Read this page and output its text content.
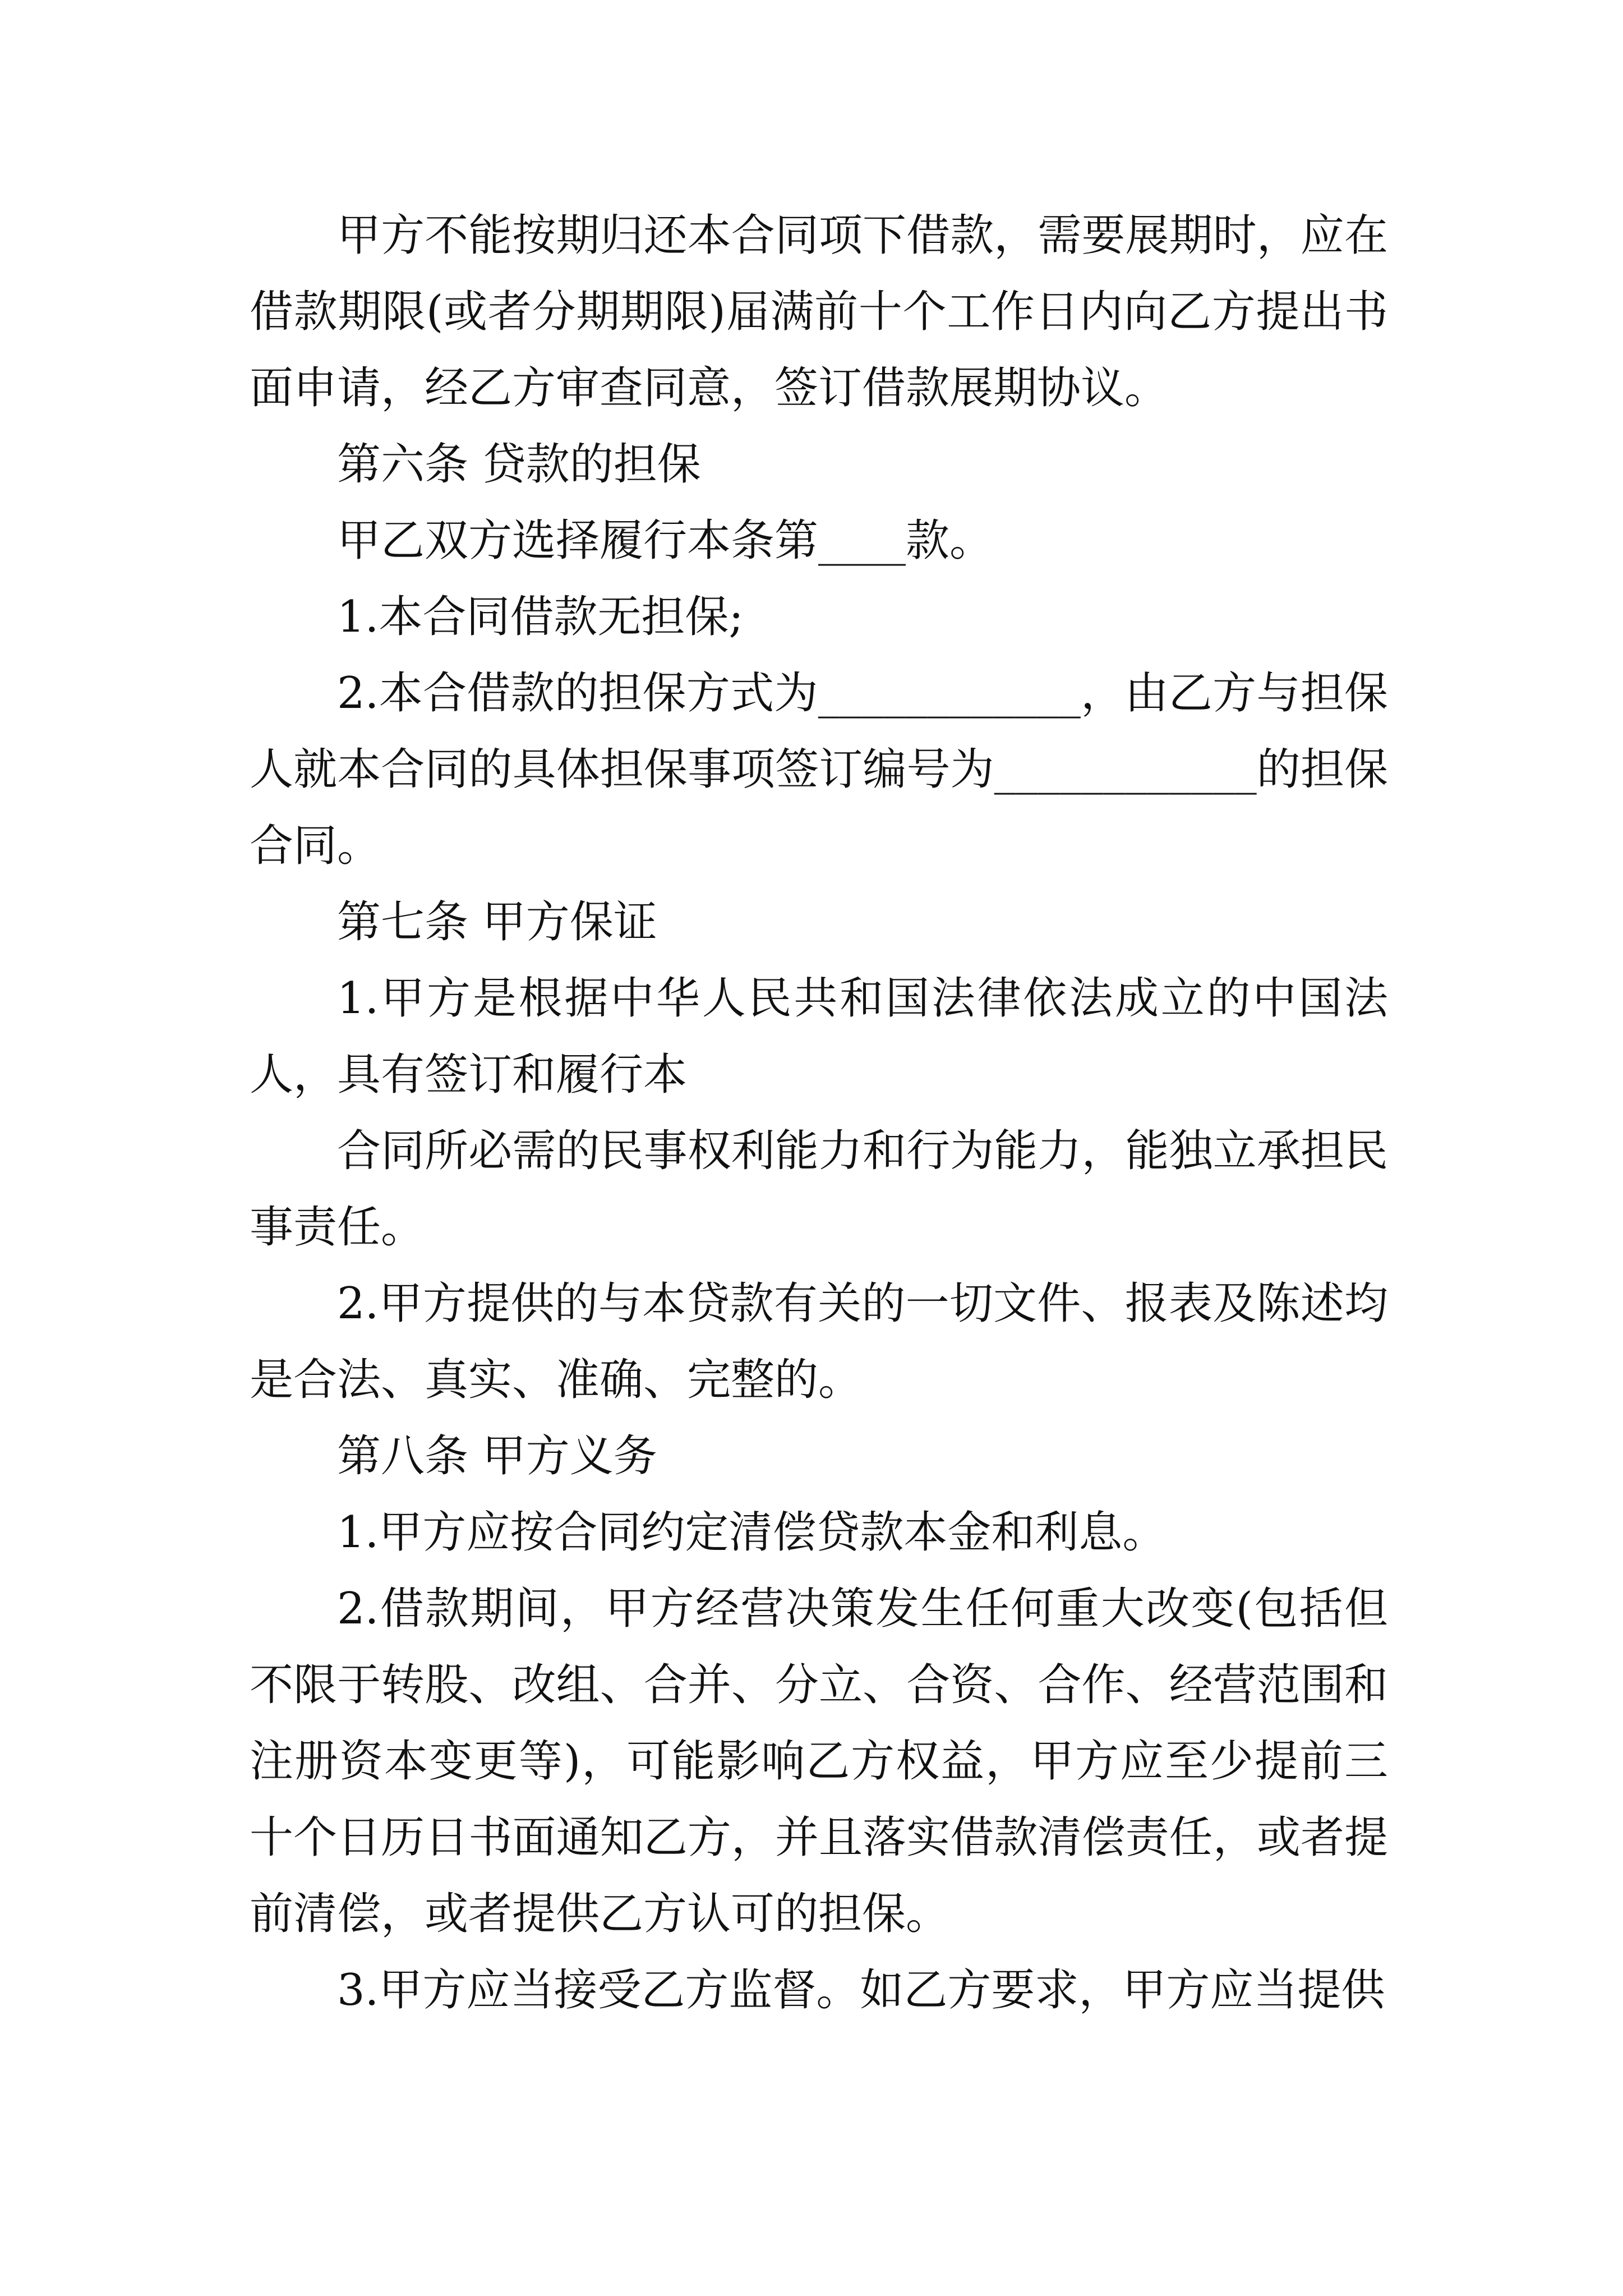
甲方不能按期归还本合同项下借款，需要展期时，应在借款期限(或者分期期限)届满前十个工作日内向乙方提出书面申请，经乙方审查同意，签订借款展期协议。

第六条 贷款的担保

甲乙双方选择履行本条第____款。

1.本合同借款无担保;

2.本合借款的担保方式为____________，由乙方与担保人就本合同的具体担保事项签订编号为____________的担保合同。

第七条 甲方保证

1.甲方是根据中华人民共和国法律依法成立的中国法人，具有签订和履行本

合同所必需的民事权利能力和行为能力，能独立承担民事责任。

2.甲方提供的与本贷款有关的一切文件、报表及陈述均是合法、真实、准确、完整的。

第八条 甲方义务

1.甲方应按合同约定清偿贷款本金和利息。

2.借款期间，甲方经营决策发生任何重大改变(包括但不限于转股、改组、合并、分立、合资、合作、经营范围和注册资本变更等)，可能影响乙方权益，甲方应至少提前三十个日历日书面通知乙方，并且落实借款清偿责任，或者提前清偿，或者提供乙方认可的担保。

3.甲方应当接受乙方监督。如乙方要求，甲方应当提供
